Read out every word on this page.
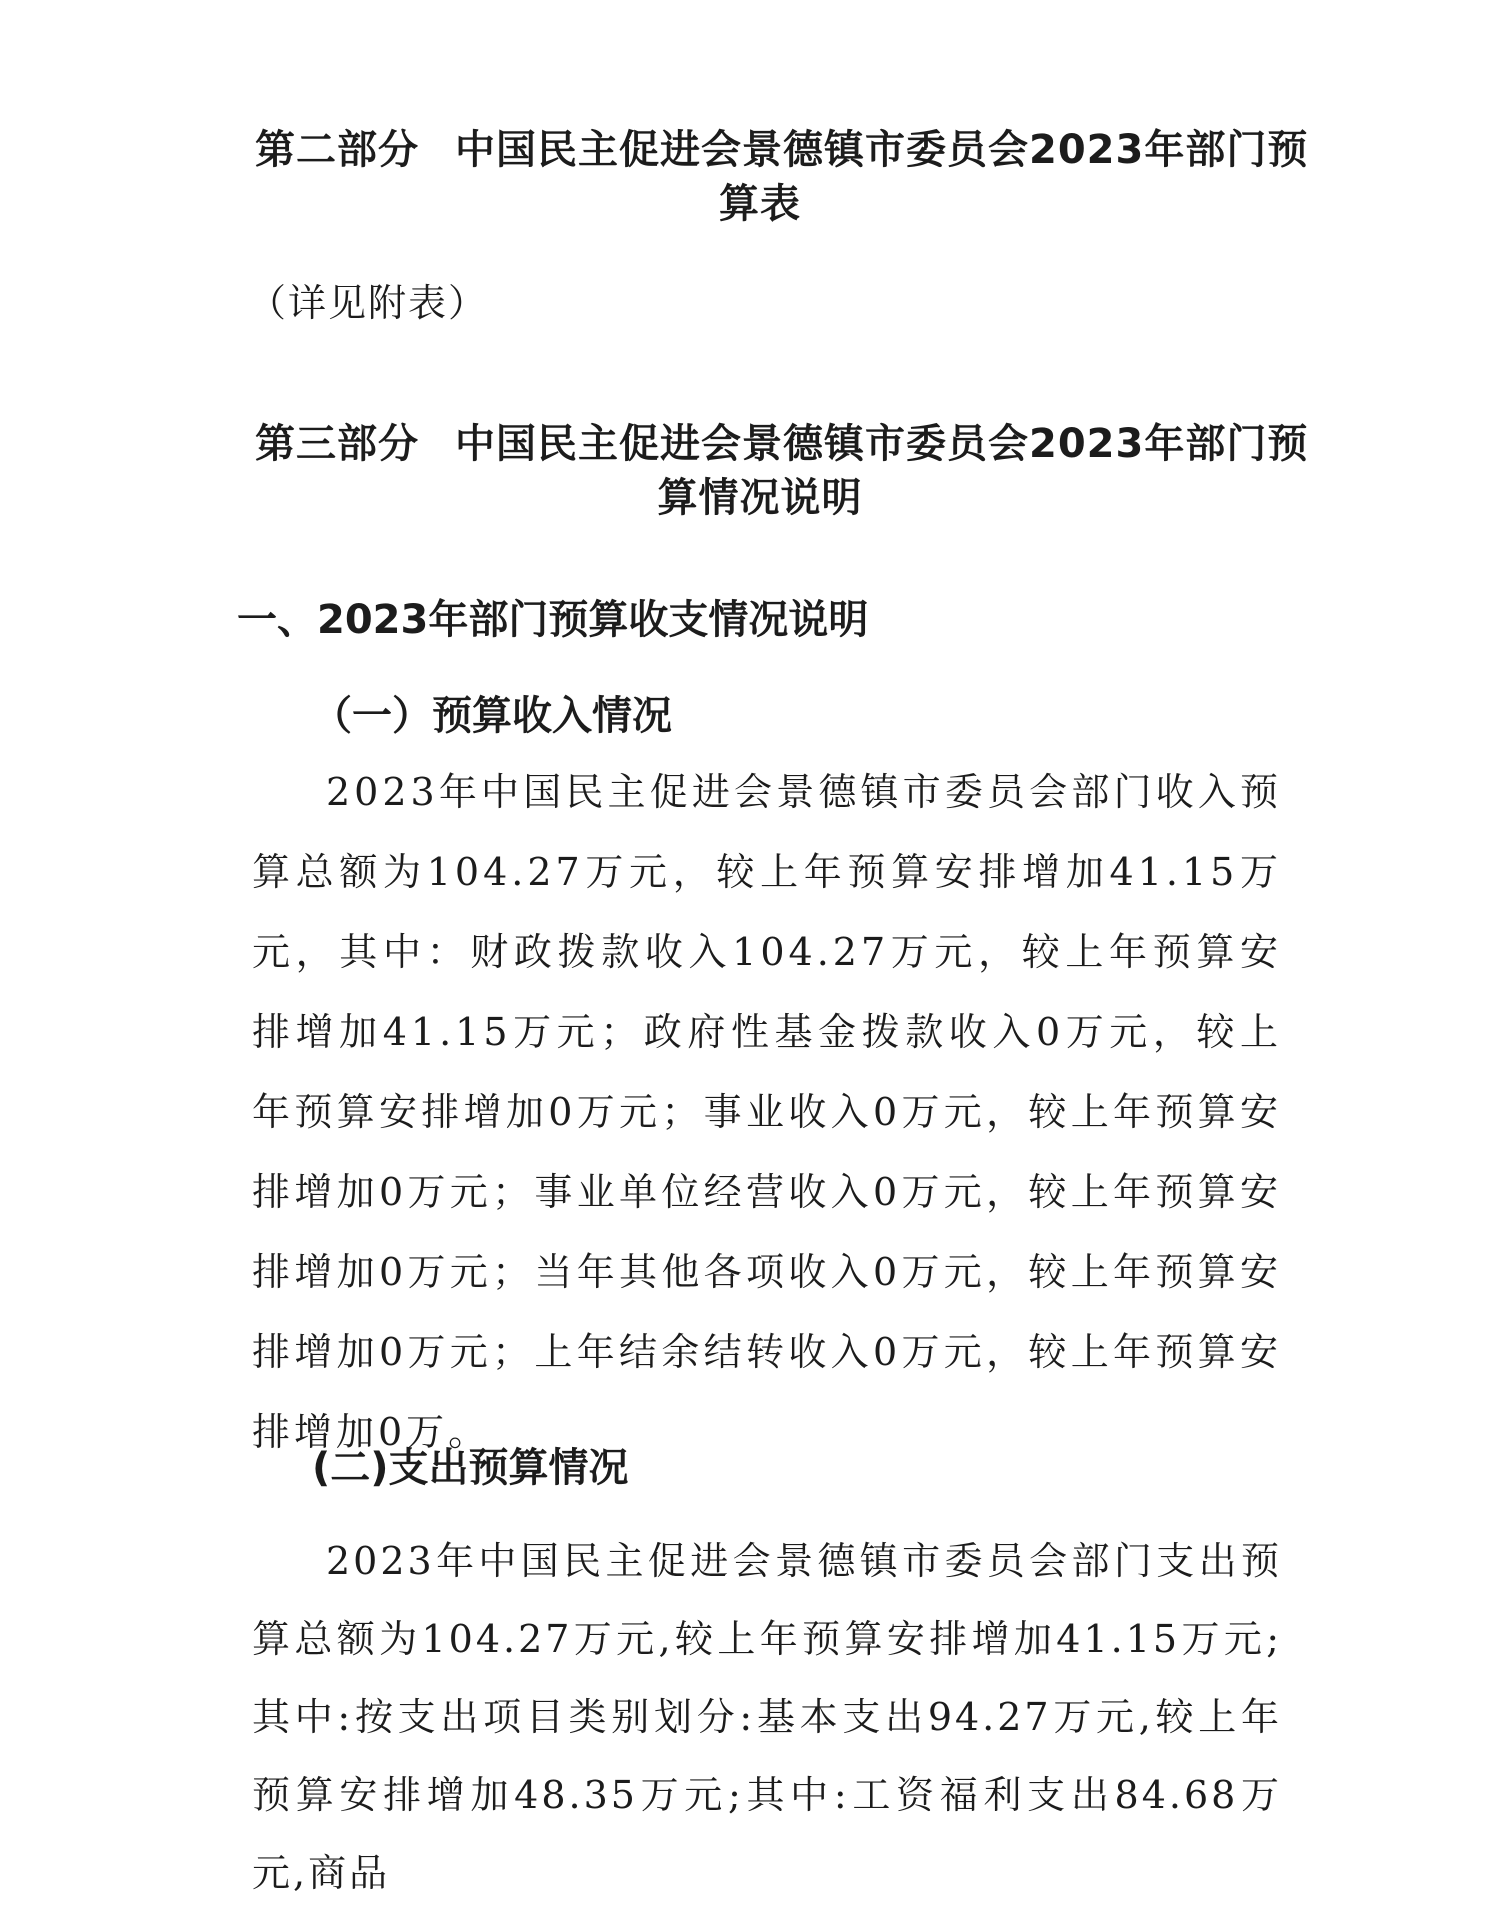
第二部分 中国民主促进会景德镇市委员会2023年部门预
算表

（详见附表）

第三部分 中国民主促进会景德镇市委员会2023年部门预
算情况说明
一、2023年部门预算收支情况说明
（一）预算收入情况

2023年中国民主促进会景德镇市委员会部门收入预算总额为104.27万元，较上年预算安排增加41.15万元，其中：财政拨款收入104.27万元，较上年预算安排增加41.15万元；政府性基金拨款收入0万元，较上年预算安排增加0万元；事业收入0万元，较上年预算安排增加0万元；事业单位经营收入0万元，较上年预算安排增加0万元；当年其他各项收入0万元，较上年预算安排增加0万元；上年结余结转收入0万元，较上年预算安排增加0万。

(二)支出预算情况

2023年中国民主促进会景德镇市委员会部门支出预算总额为104.27万元,较上年预算安排增加41.15万元;其中:按支出项目类别划分:基本支出94.27万元,较上年预算安排增加48.35万元;其中:工资福利支出84.68万元,商品
